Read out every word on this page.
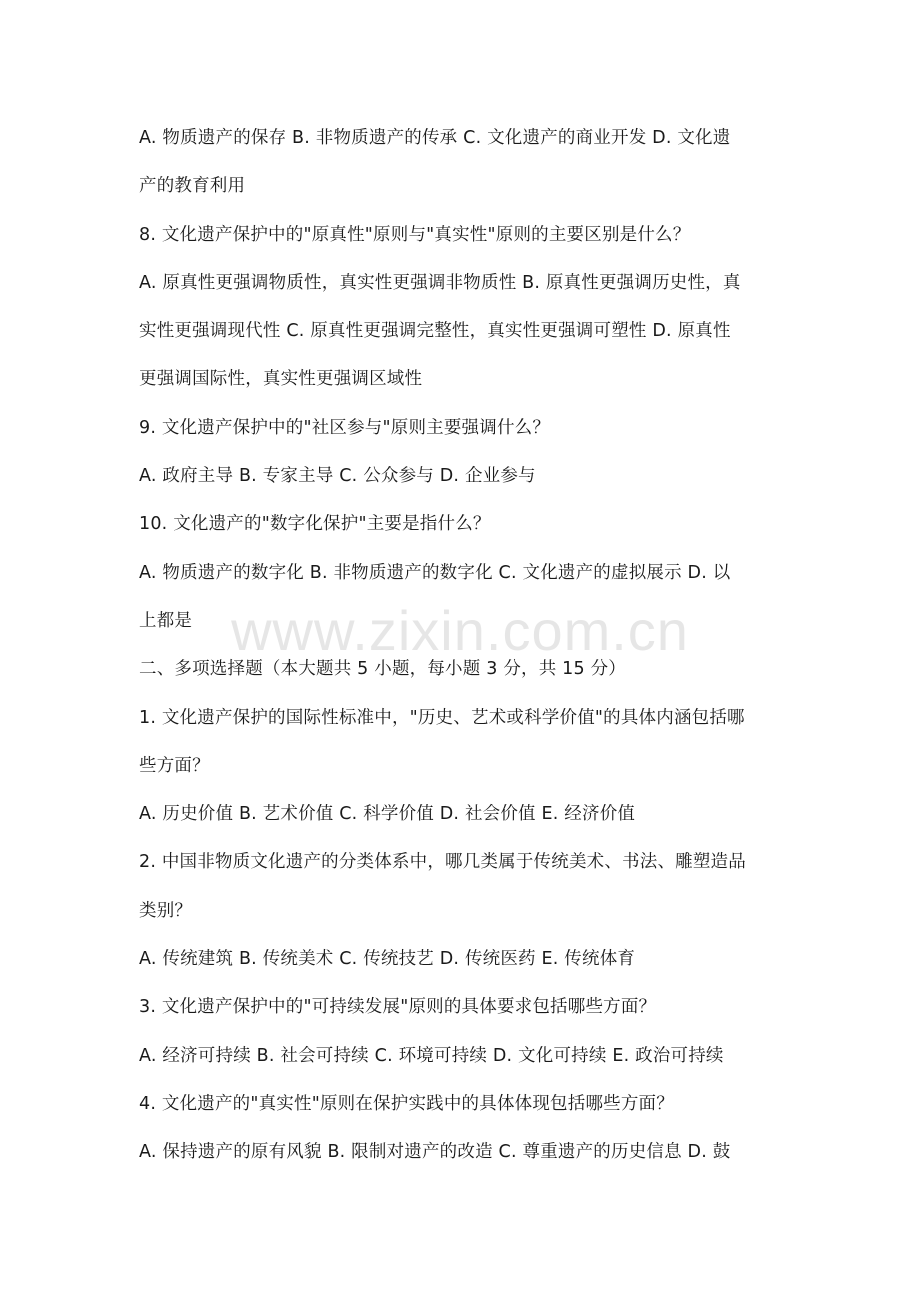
A. 物质遗产的保存 B. 非物质遗产的传承 C. 文化遗产的商业开发 D. 文化遗
产的教育利用
8. 文化遗产保护中的"原真性"原则与"真实性"原则的主要区别是什么？
A. 原真性更强调物质性，真实性更强调非物质性 B. 原真性更强调历史性，真
实性更强调现代性 C. 原真性更强调完整性，真实性更强调可塑性 D. 原真性
更强调国际性，真实性更强调区域性
9. 文化遗产保护中的"社区参与"原则主要强调什么？
A. 政府主导 B. 专家主导 C. 公众参与 D. 企业参与
10. 文化遗产的"数字化保护"主要是指什么？
A. 物质遗产的数字化 B. 非物质遗产的数字化 C. 文化遗产的虚拟展示 D. 以
上都是
二、多项选择题（本大题共 5 小题，每小题 3 分，共 15 分）
1. 文化遗产保护的国际性标准中，"历史、艺术或科学价值"的具体内涵包括哪
些方面？
A. 历史价值 B. 艺术价值 C. 科学价值 D. 社会价值 E. 经济价值
2. 中国非物质文化遗产的分类体系中，哪几类属于传统美术、书法、雕塑造品
类别？
A. 传统建筑 B. 传统美术 C. 传统技艺 D. 传统医药 E. 传统体育
3. 文化遗产保护中的"可持续发展"原则的具体要求包括哪些方面？
A. 经济可持续 B. 社会可持续 C. 环境可持续 D. 文化可持续 E. 政治可持续
4. 文化遗产的"真实性"原则在保护实践中的具体体现包括哪些方面？
A. 保持遗产的原有风貌 B. 限制对遗产的改造 C. 尊重遗产的历史信息 D. 鼓
www.zixin.com.cn
